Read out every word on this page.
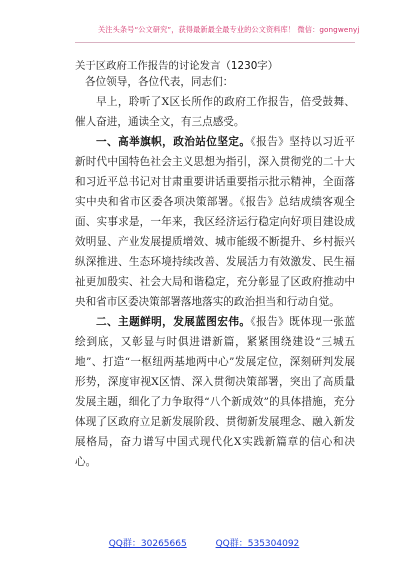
关注头条号“公文研究”，获得最新最全最专业的公文资料库！ 微信：gongwenyj
关于区政府工作报告的讨论发言（1230字）

各位领导，各位代表，同志们：

早上，聆听了X区长所作的政府工作报告，倍受鼓舞、催人奋进，通读全文，有三点感受。

一、高举旗帜，政治站位坚定。《报告》坚持以习近平新时代中国特色社会主义思想为指引，深入贯彻党的二十大和习近平总书记对甘肃重要讲话重要指示批示精神，全面落实中央和省市区委各项决策部署。《报告》总结成绩客观全面、实事求是，一年来，我区经济运行稳定向好项目建设成效明显、产业发展提质增效、城市能级不断提升、乡村振兴纵深推进、生态环境持续改善、发展活力有效激发、民生福祉更加殷实、社会大局和谐稳定，充分彰显了区政府推动中央和省市区委决策部署落地落实的政治担当和行动自觉。

二、主题鲜明，发展蓝图宏伟。《报告》既体现一张蓝绘到底，又彰显与时俱进谱新篇，紧紧围绕建设“三城五地”、打造“一枢纽两基地两中心”发展定位，深刻研判发展形势，深度审视X区情、深入贯彻决策部署，突出了高质量发展主题，细化了力争取得“八个新成效”的具体措施，充分体现了区政府立足新发展阶段、贯彻新发展理念、融入新发展格局，奋力谱写中国式现代化X实践新篇章的信心和决心。

QQ群：30265665	QQ群：535304092
